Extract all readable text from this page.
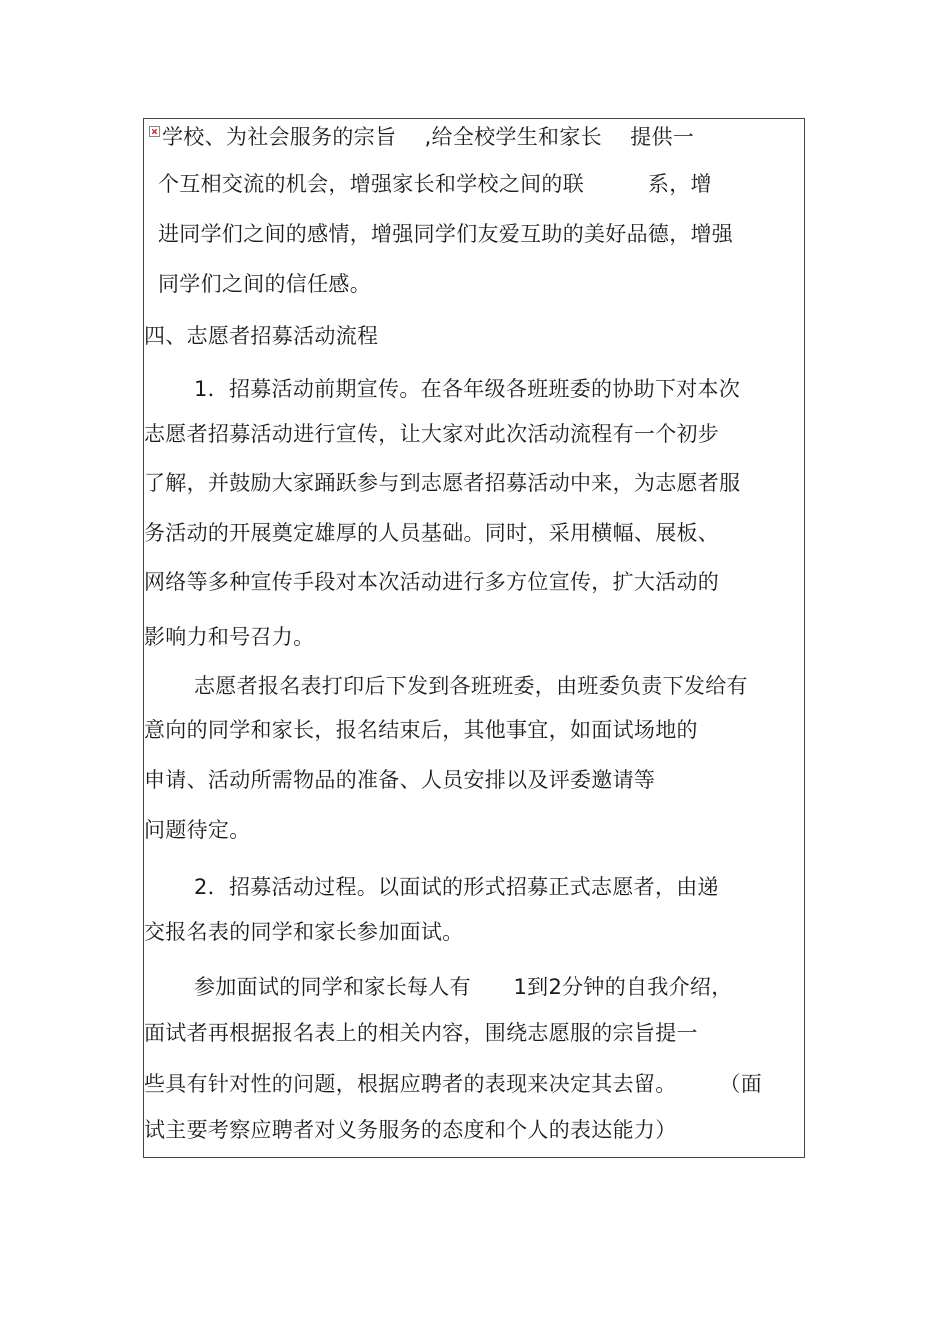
学校、为社会服务的宗旨　 ,给全校学生和家长　 提供一
个互相交流的机会，增强家长和学校之间的联　　　系，增
进同学们之间的感情，增强同学们友爱互助的美好品德，增强
同学们之间的信任感。
四、志愿者招募活动流程
1．招募活动前期宣传。在各年级各班班委的协助下对本次
志愿者招募活动进行宣传，让大家对此次活动流程有一个初步
了解，并鼓励大家踊跃参与到志愿者招募活动中来，为志愿者服
务活动的开展奠定雄厚的人员基础。同时，采用横幅、展板、
网络等多种宣传手段对本次活动进行多方位宣传，扩大活动的
影响力和号召力。
志愿者报名表打印后下发到各班班委，由班委负责下发给有
意向的同学和家长，报名结束后，其他事宜，如面试场地的
申请、活动所需物品的准备、人员安排以及评委邀请等
问题待定。
2．招募活动过程。以面试的形式招募正式志愿者，由递
交报名表的同学和家长参加面试。
参加面试的同学和家长每人有　　1到2分钟的自我介绍，
面试者再根据报名表上的相关内容，围绕志愿服的宗旨提一
些具有针对性的问题，根据应聘者的表现来决定其去留。　　　（面
试主要考察应聘者对义务服务的态度和个人的表达能力）
